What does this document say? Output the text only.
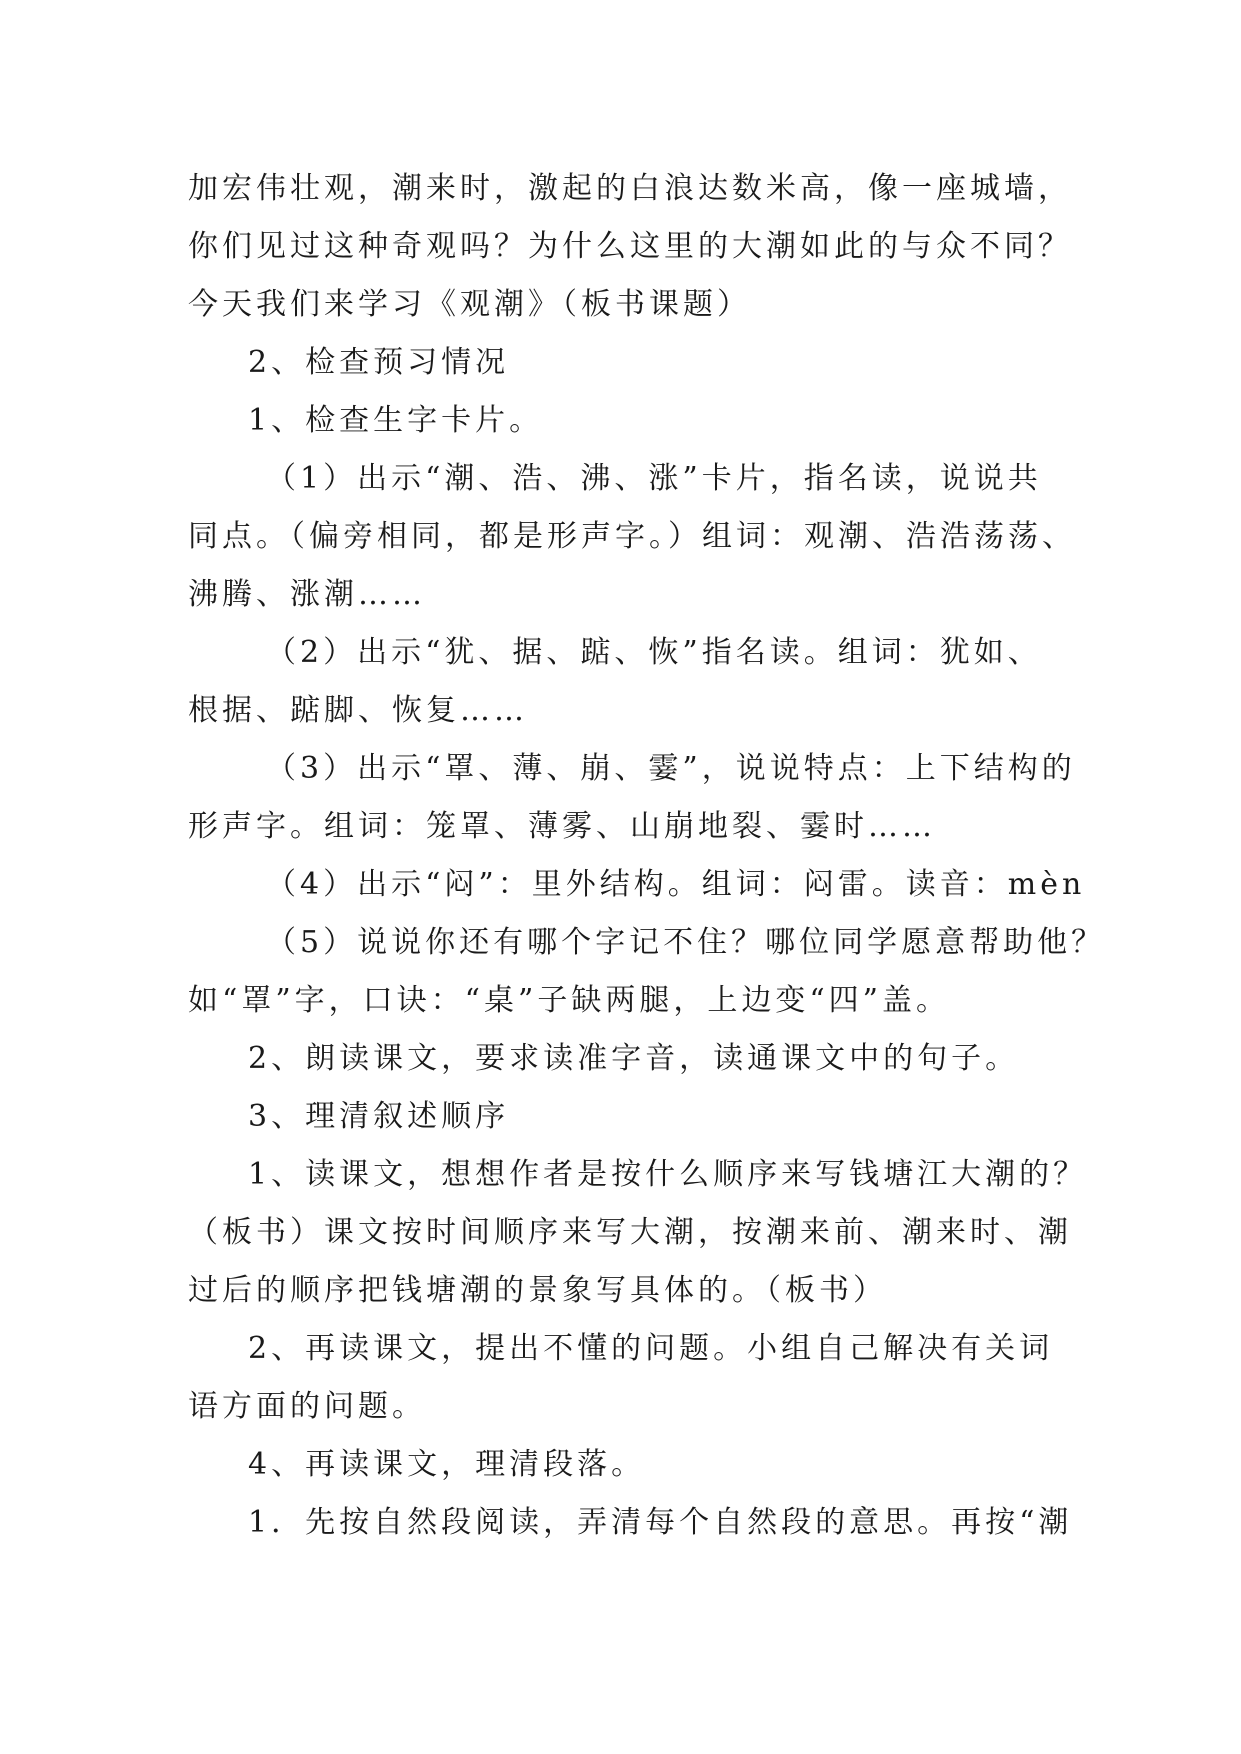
加宏伟壮观，潮来时，激起的白浪达数米高，像一座城墙，
你们见过这种奇观吗？为什么这里的大潮如此的与众不同？
今天我们来学习《观潮》（板书课题）
2、检查预习情况
1、检查生字卡片。
（1）出示“潮、浩、沸、涨”卡片，指名读，说说共
同点。（偏旁相同，都是形声字。）组词：观潮、浩浩荡荡、
沸腾、涨潮……
（2）出示“犹、据、踮、恢”指名读。组词：犹如、
根据、踮脚、恢复……
（3）出示“罩、薄、崩、霎”，说说特点：上下结构的
形声字。组词：笼罩、薄雾、山崩地裂、霎时……
（4）出示“闷”：里外结构。组词：闷雷。读音：mèn
（5）说说你还有哪个字记不住？哪位同学愿意帮助他？
如“罩”字，口诀：“桌”子缺两腿，上边变“四”盖。
2、朗读课文，要求读准字音，读通课文中的句子。
3、理清叙述顺序
1、读课文，想想作者是按什么顺序来写钱塘江大潮的？
（板书）课文按时间顺序来写大潮，按潮来前、潮来时、潮
过后的顺序把钱塘潮的景象写具体的。（板书）
2、再读课文，提出不懂的问题。小组自己解决有关词
语方面的问题。
4、再读课文，理清段落。
1．先按自然段阅读，弄清每个自然段的意思。再按“潮
